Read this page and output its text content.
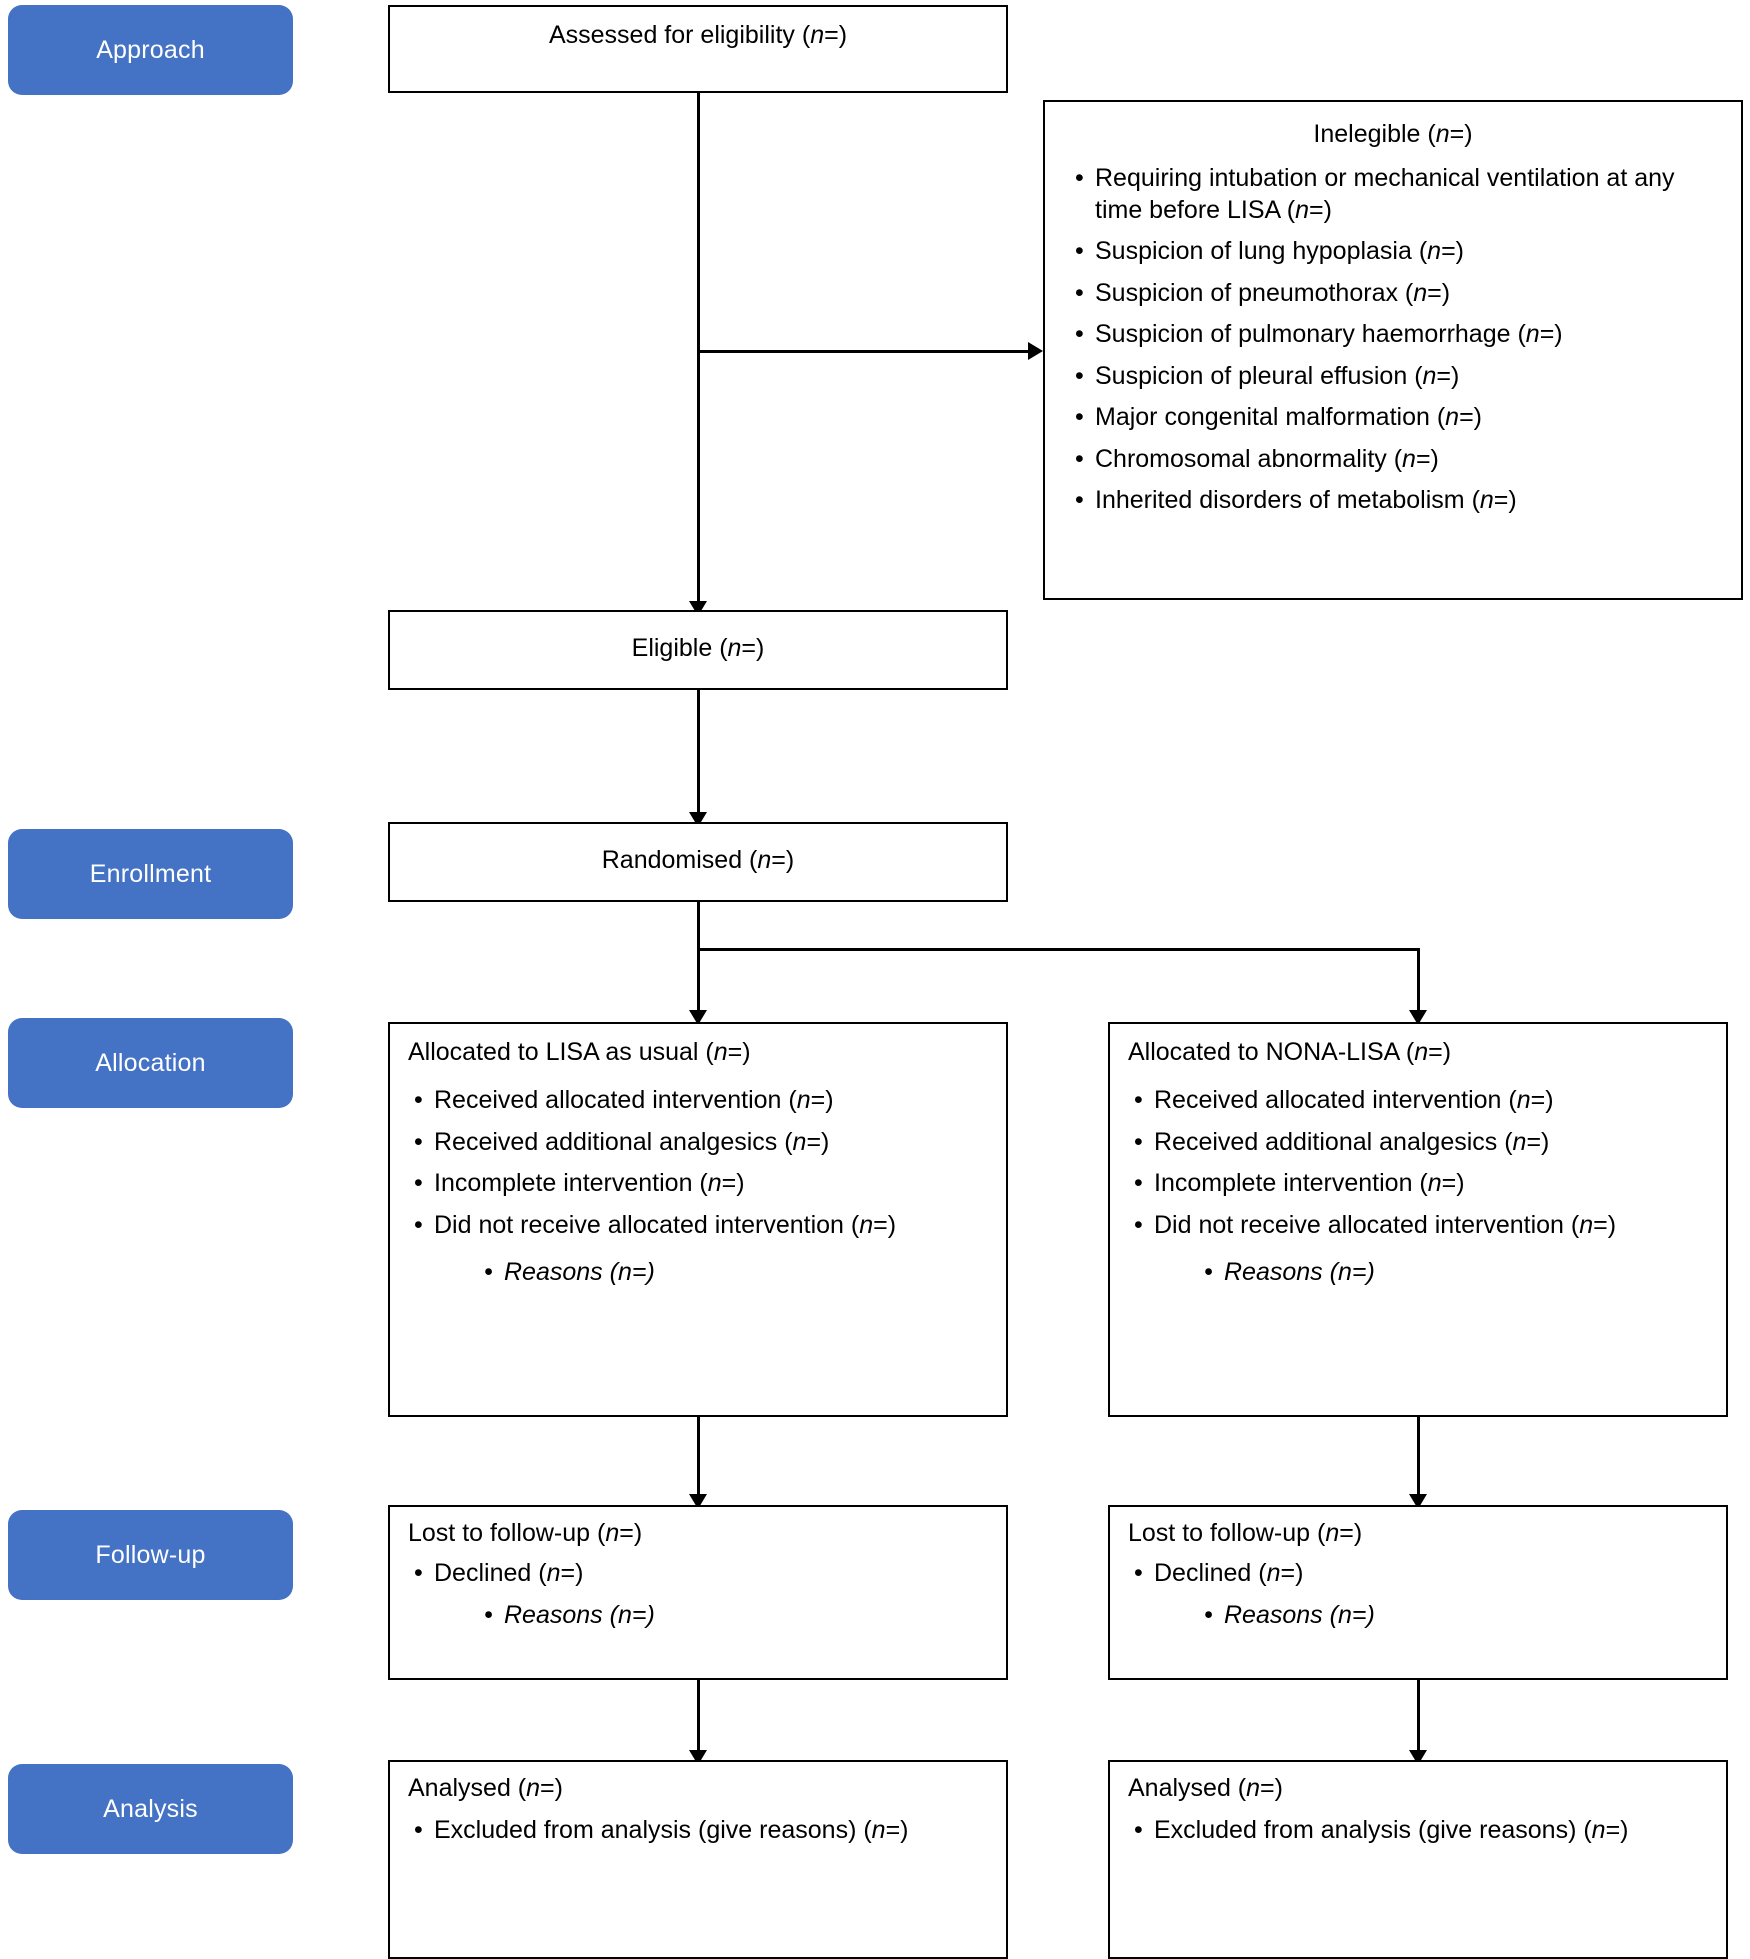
Approach
Enrollment
Allocation
Follow-up
Analysis
Assessed for eligibility (n=)
Inelegible (n=)
• Requiring intubation or mechanical ventilation at any time before LISA (n=)
• Suspicion of lung hypoplasia (n=)
• Suspicion of pneumothorax (n=)
• Suspicion of pulmonary haemorrhage (n=)
• Suspicion of pleural effusion (n=)
• Major congenital malformation (n=)
• Chromosomal abnormality (n=)
• Inherited disorders of metabolism (n=)
Eligible (n=)
Randomised (n=)
Allocated to LISA as usual (n=)
• Received allocated intervention (n=)
• Received additional analgesics (n=)
• Incomplete intervention (n=)
• Did not receive allocated intervention (n=)
• Reasons (n=)
Allocated to NONA-LISA (n=)
• Received allocated intervention (n=)
• Received additional analgesics (n=)
• Incomplete intervention (n=)
• Did not receive allocated intervention (n=)
• Reasons (n=)
Lost to follow-up (n=)
• Declined (n=)
• Reasons (n=)
Lost to follow-up (n=)
• Declined (n=)
• Reasons (n=)
Analysed (n=)
• Excluded from analysis (give reasons) (n=)
Analysed (n=)
• Excluded from analysis (give reasons) (n=)
